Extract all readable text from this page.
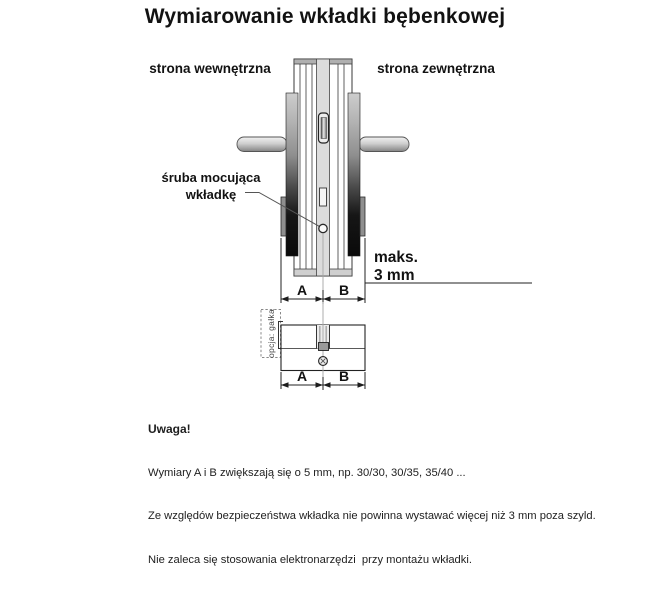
Wymiarowanie wkładki bębenkowej
strona wewnętrzna	strona zewnętrzna
śruba mocująca
wkładkę
maks.
3 mm
A B
opcja: gałka
A B

Uwaga!

Wymiary A i B zwiększają się o 5 mm, np. 30/30, 30/35, 35/40 ...

Ze względów bezpieczeństwa wkładka nie powinna wystawać więcej niż 3 mm poza szyld.

Nie zaleca się stosowania elektronarzędzi  przy montażu wkładki.
